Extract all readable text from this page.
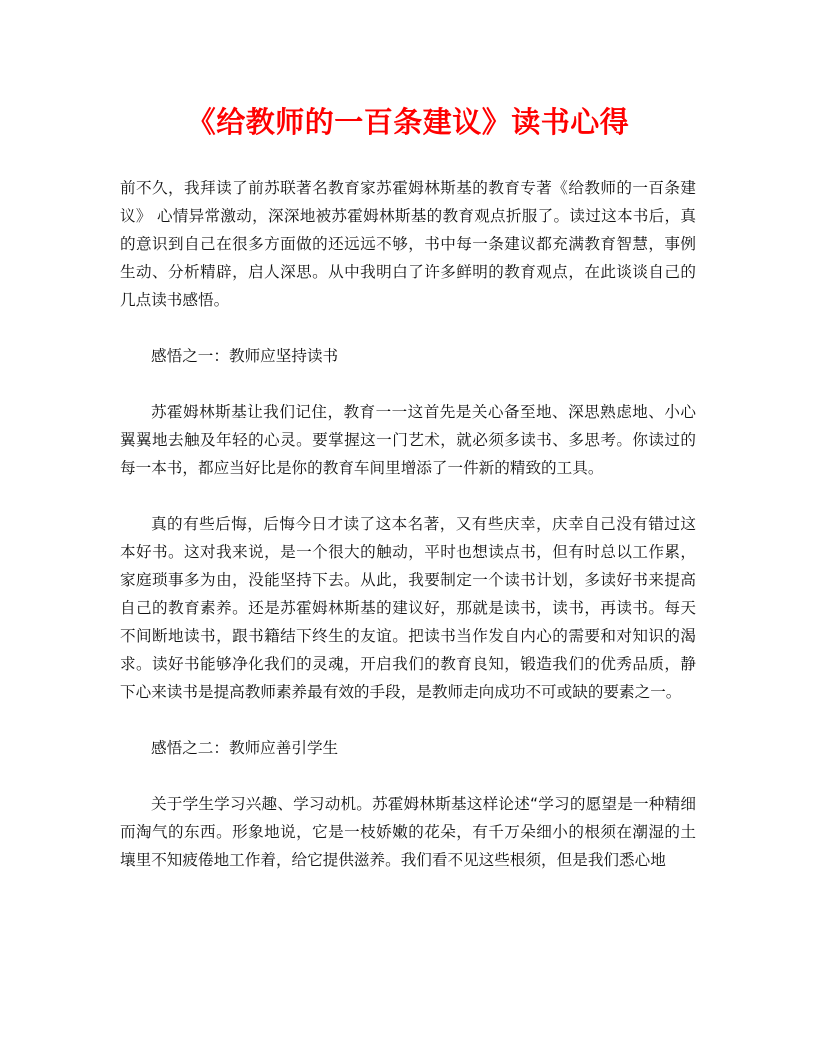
《给教师的一百条建议》读书心得

前不久，我拜读了前苏联著名教育家苏霍姆林斯基的教育专著《给教师的一百条建议》 心情异常激动，深深地被苏霍姆林斯基的教育观点折服了。读过这本书后，真的意识到自己在很多方面做的还远远不够，书中每一条建议都充满教育智慧，事例生动、分析精辟，启人深思。从中我明白了许多鲜明的教育观点，在此谈谈自己的几点读书感悟。

感悟之一：教师应坚持读书

苏霍姆林斯基让我们记住，教育一一这首先是关心备至地、深思熟虑地、小心翼翼地去触及年轻的心灵。要掌握这一门艺术，就必须多读书、多思考。你读过的每一本书，都应当好比是你的教育车间里增添了一件新的精致的工具。

真的有些后悔，后悔今日才读了这本名著，又有些庆幸，庆幸自己没有错过这本好书。这对我来说，是一个很大的触动，平时也想读点书，但有时总以工作累，家庭琐事多为由，没能坚持下去。从此，我要制定一个读书计划，多读好书来提高自己的教育素养。还是苏霍姆林斯基的建议好，那就是读书，读书，再读书。每天不间断地读书，跟书籍结下终生的友谊。把读书当作发自内心的需要和对知识的渴求。读好书能够净化我们的灵魂，开启我们的教育良知，锻造我们的优秀品质，静下心来读书是提高教师素养最有效的手段，是教师走向成功不可或缺的要素之一。

感悟之二：教师应善引学生

关于学生学习兴趣、学习动机。苏霍姆林斯基这样论述“学习的愿望是一种精细而淘气的东西。形象地说，它是一枝娇嫩的花朵，有千万朵细小的根须在潮湿的土壤里不知疲倦地工作着，给它提供滋养。我们看不见这些根须，但是我们悉心地
